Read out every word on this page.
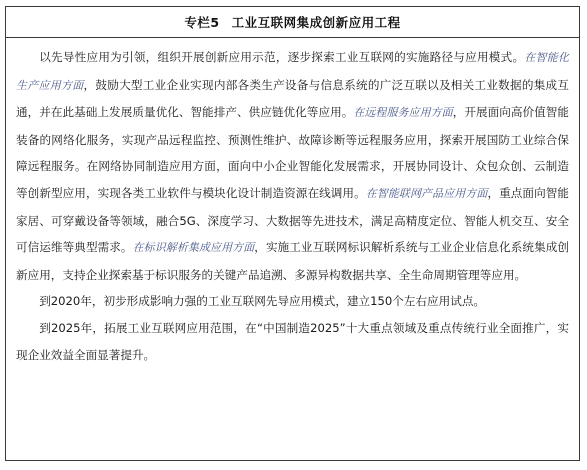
专栏5 工业互联网集成创新应用工程

以先导性应用为引领，组织开展创新应用示范，逐步探索工业互联网的实施路径与应用模式。在智能化生产应用方面，鼓励大型工业企业实现内部各类生产设备与信息系统的广泛互联以及相关工业数据的集成互通，并在此基础上发展质量优化、智能排产、供应链优化等应用。在远程服务应用方面，开展面向高价值智能装备的网络化服务，实现产品远程监控、预测性维护、故障诊断等远程服务应用，探索开展国防工业综合保障远程服务。在网络协同制造应用方面，面向中小企业智能化发展需求，开展协同设计、众包众创、云制造等创新型应用，实现各类工业软件与模块化设计制造资源在线调用。在智能联网产品应用方面，重点面向智能家居、可穿戴设备等领域，融合5G、深度学习、大数据等先进技术，满足高精度定位、智能人机交互、安全可信运维等典型需求。在标识解析集成应用方面，实施工业互联网标识解析系统与工业企业信息化系统集成创新应用，支持企业探索基于标识服务的关键产品追溯、多源异构数据共享、全生命周期管理等应用。

到2020年，初步形成影响力强的工业互联网先导应用模式，建立150个左右应用试点。

到2025年，拓展工业互联网应用范围，在“中国制造2025”十大重点领域及重点传统行业全面推广，实现企业效益全面显著提升。
